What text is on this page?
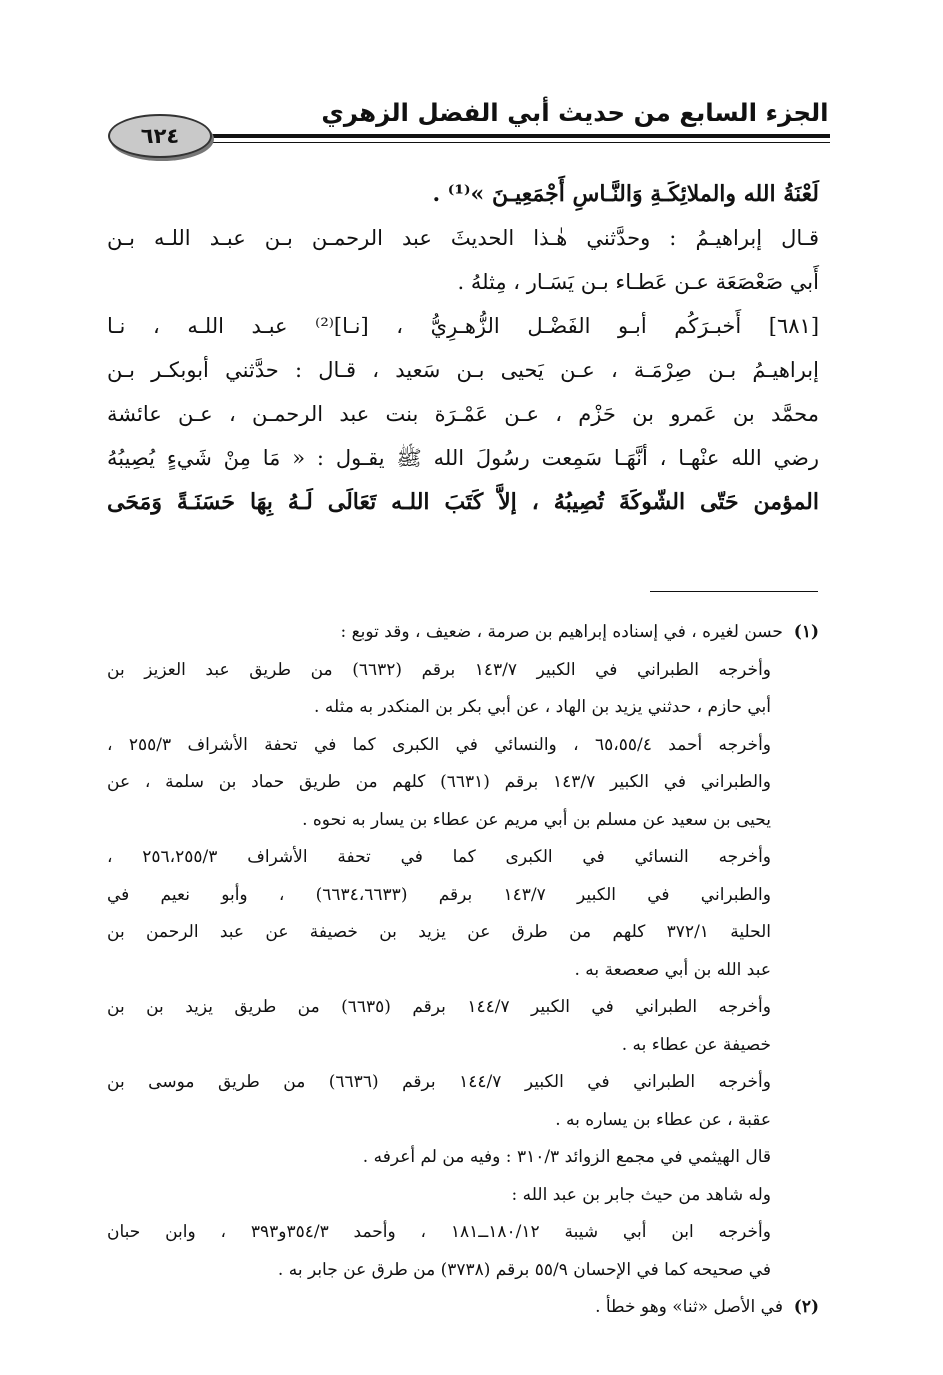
الجزء السابع من حديث أبي الفضل الزهري
٦٢٤
لَعْنَةُ الله والملائِكَـةِ وَالنَّـاسِ أَجْمَعِيـنَ »⁽¹⁾ .
قـال إبراهيـمُ : وحدَّثني هٰـذا الحديثَ عبد الرحمـن بـن عبـد اللـه بـن
أَبي صَعْصَعَة عـن عَطـاء بـن يَسَـار ، مِثلهُ .
[٦٨١] أَخبـرَكُم أبـو الفَضْـل الزُّهـرِيُّ ، [نـا]⁽²⁾ عبـد اللـه ، نـا
إبراهيـمُ بـن صِرْمَـة ، عـن يَحيى بـن سَعيد ، قـال : حدَّثني أبوبكـر بـن
محمَّد بن عَمرو بن حَزْم ، عـن عَمْـرَة بنت عبد الرحمـن ، عـن عائشة
رضي الله عنْهـا ، أنَّهَـا سَمِعت رسُولَ الله ﷺ يقـول : « مَا مِنْ شَيءٍ يُصِيبُهُ
المؤمن حَتّى الشّوكَةَ تُصِيبُهُ ، إلاَّ كَتَبَ اللـه تَعَالَى لَـهُ بِهَا حَسَنَـةً وَمَحَى
(١)  حسن لغيره ، في إسناده إبراهيم بن صرمة ، ضعيف ، وقد توبع :
وأخرجه الطبراني في الكبير ١٤٣/٧ برقم (٦٦٣٢) من طريق عبد العزيز بن
أبي حازم ، حدثني يزيد بن الهاد ، عن أبي بكر بن المنكدر به مثله .
وأخرجه أحمد ٦٥،٥٥/٤ ، والنسائي في الكبرى كما في تحفة الأشراف ٢٥٥/٣ ،
والطبراني في الكبير ١٤٣/٧ برقم (٦٦٣١) كلهم من طريق حماد بن سلمة ، عن
يحيى بن سعيد عن مسلم بن أبي مريم عن عطاء بن يسار به نحوه .
وأخرجه النسائي في الكبرى كما في تحفة الأشراف ٢٥٦،٢٥٥/٣ ،
والطبراني في الكبير ١٤٣/٧ برقم (٦٦٣٤،٦٦٣٣) ، وأبو نعيم في
الحلية ٣٧٢/١ كلهم من طرق عن يزيد بن خصيفة عن عبد الرحمن بن
عبد الله بن أبي صعصعة به .
وأخرجه الطبراني في الكبير ١٤٤/٧ برقم (٦٦٣٥) من طريق يزيد بن بن
خصيفة عن عطاء به .
وأخرجه الطبراني في الكبير ١٤٤/٧ برقم (٦٦٣٦) من طريق موسى بن
عقبة ، عن عطاء بن يساره به .
قال الهيثمي في مجمع الزوائد ٣١٠/٣ : وفيه من لم أعرفه .
وله شاهد من حيث جابر بن عبد الله :
وأخرجه ابن أبي شيبة ١٨٠/١٢ــ١٨١ ، وأحمد ٣٥٤/٣و٣٩٣ ، وابن حبان
في صحيحه كما في الإحسان ٥٥/٩ برقم (٣٧٣٨) من طرق عن جابر به .
(٢)  في الأصل «ثنا» وهو خطأ .
